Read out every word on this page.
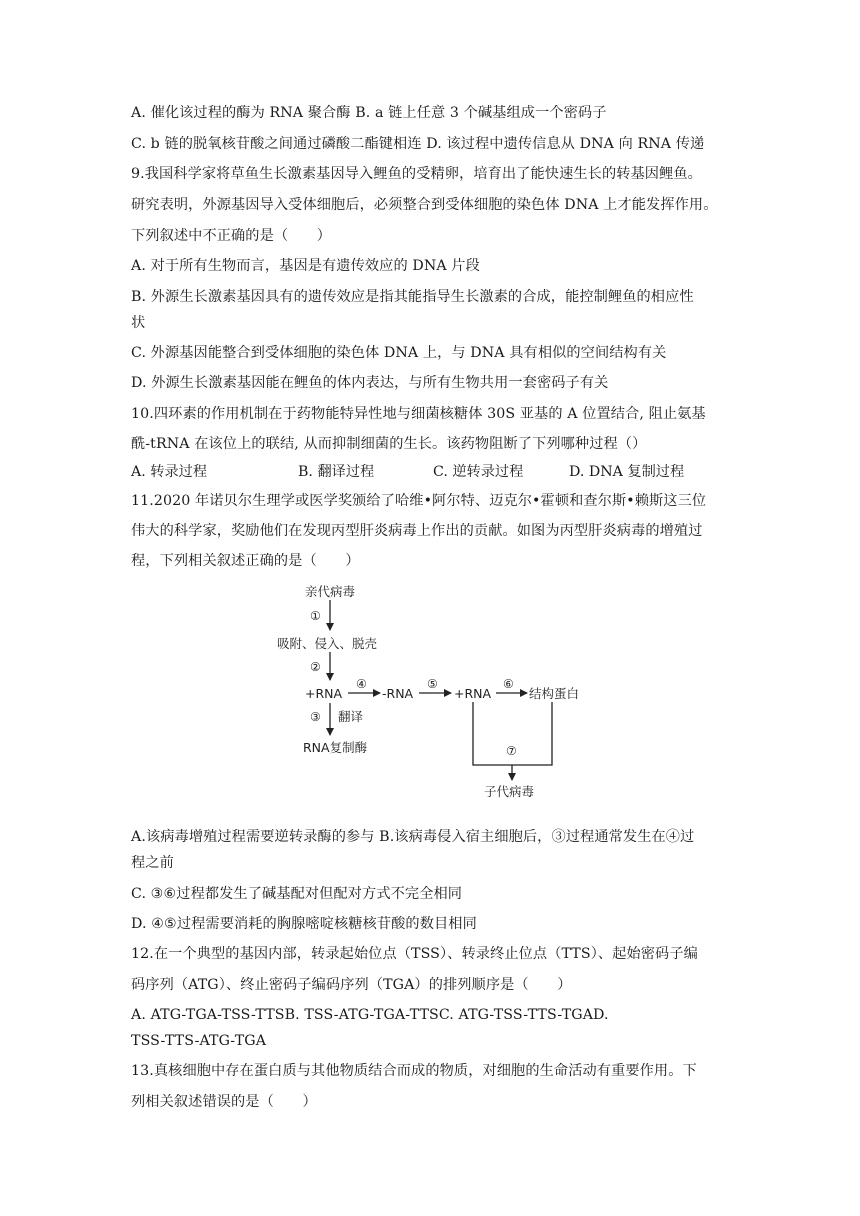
A. 催化该过程的酶为 RNA 聚合酶 B. a 链上任意 3 个碱基组成一个密码子
C. b 链的脱氧核苷酸之间通过磷酸二酯键相连 D. 该过程中遗传信息从 DNA 向 RNA 传递
9.我国科学家将草鱼生长激素基因导入鲤鱼的受精卵，培育出了能快速生长的转基因鲤鱼。
研究表明，外源基因导入受体细胞后，必须整合到受体细胞的染色体 DNA 上才能发挥作用。
下列叙述中不正确的是（　　）
A. 对于所有生物而言，基因是有遗传效应的 DNA 片段
B. 外源生长激素基因具有的遗传效应是指其能指导生长激素的合成，能控制鲤鱼的相应性
状
C. 外源基因能整合到受体细胞的染色体 DNA 上，与 DNA 具有相似的空间结构有关
D. 外源生长激素基因能在鲤鱼的体内表达，与所有生物共用一套密码子有关
10.四环素的作用机制在于药物能特异性地与细菌核糖体 30S 亚基的 A 位置结合, 阻止氨基
酰-tRNA 在该位上的联结, 从而抑制细菌的生长。该药物阻断了下列哪种过程（）
A. 转录过程	B. 翻译过程	C. 逆转录过程	D. DNA 复制过程
11.2020 年诺贝尔生理学或医学奖颁给了哈维•阿尔特、迈克尔•霍顿和查尔斯•赖斯这三位
伟大的科学家，奖励他们在发现丙型肝炎病毒上作出的贡献。如图为丙型肝炎病毒的增殖过
程，下列相关叙述正确的是（　　）
亲代病毒
①
吸附、侵入、脱壳
②
+RNA
④
-RNA
⑤
+RNA
⑥
结构蛋白
③ 翻译
RNA复制酶	⑦
子代病毒
A.该病毒增殖过程需要逆转录酶的参与 B.该病毒侵入宿主细胞后，③过程通常发生在④过
程之前
C. ③⑥过程都发生了碱基配对但配对方式不完全相同
D. ④⑤过程需要消耗的胸腺嘧啶核糖核苷酸的数目相同
12.在一个典型的基因内部，转录起始位点（TSS）、转录终止位点（TTS）、起始密码子编
码序列（ATG）、终止密码子编码序列（TGA）的排列顺序是（　　）
A. ATG-TGA-TSS-TTSB. TSS-ATG-TGA-TTSC. ATG-TSS-TTS-TGAD.
TSS-TTS-ATG-TGA
13.真核细胞中存在蛋白质与其他物质结合而成的物质，对细胞的生命活动有重要作用。下
列相关叙述错误的是（　　）
